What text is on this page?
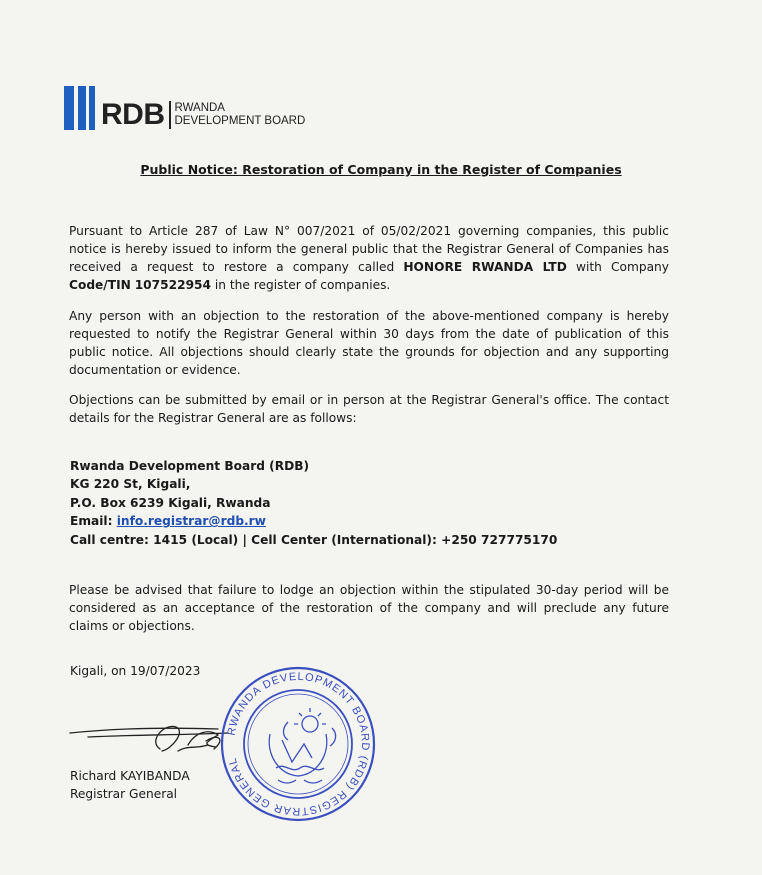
RDB RWANDA
DEVELOPMENT BOARD
Public Notice: Restoration of Company in the Register of Companies

Pursuant to Article 287 of Law N° 007/2021 of 05/02/2021 governing companies, this public notice is hereby issued to inform the general public that the Registrar General of Companies has received a request to restore a company called HONORE RWANDA LTD with Company Code/TIN 107522954 in the register of companies.

Any person with an objection to the restoration of the above-mentioned company is hereby requested to notify the Registrar General within 30 days from the date of publication of this public notice. All objections should clearly state the grounds for objection and any supporting documentation or evidence.

Objections can be submitted by email or in person at the Registrar General's office. The contact details for the Registrar General are as follows:

Rwanda Development Board (RDB)
KG 220 St, Kigali,
P.O. Box 6239 Kigali, Rwanda
Email: info.registrar@rdb.rw
Call centre: 1415 (Local) | Cell Center (International): +250 727775170

Please be advised that failure to lodge an objection within the stipulated 30-day period will be considered as an acceptance of the restoration of the company and will preclude any future claims or objections.

Kigali, on 19/07/2023
Richard KAYIBANDA
Registrar General
RWANDA DEVELOPMENT BOARD (RDB) REGISTRAR GENERAL
